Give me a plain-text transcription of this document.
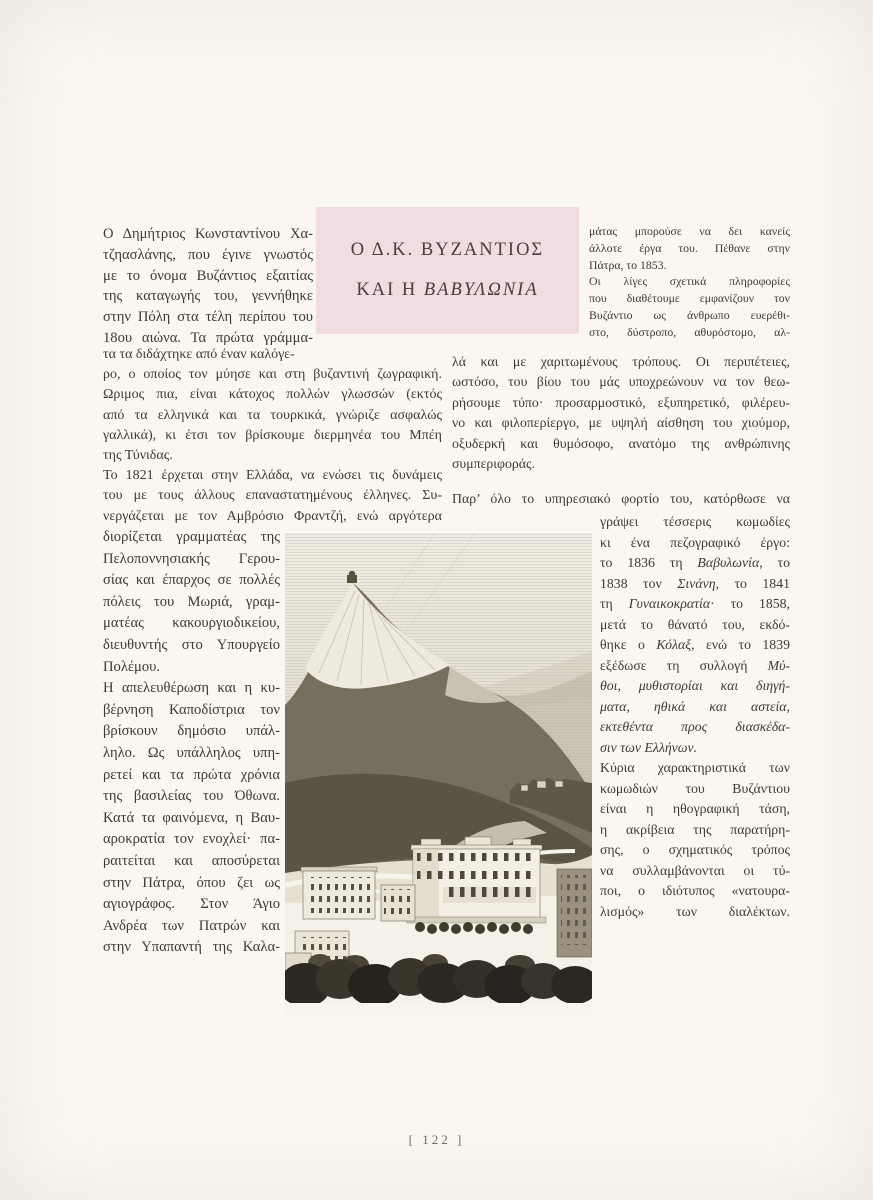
Ο Δ.Κ. ΒΥΖΑΝΤΙΟΣ
ΚΑΙ Η ΒΑΒΥΛΩΝΙΑ
Ο Δημήτριος Κωνσταντίνου Χα-
τζηασλάνης, που έγινε γνωστός
με το όνομα Βυζάντιος εξαιτίας
της καταγωγής του, γεννήθηκε
στην Πόλη στα τέλη περίπου του
18ου αιώνα. Τα πρώτα γράμμα-
τα τα διδάχτηκε από έναν καλόγε-
ρο, ο οποίος τον μύησε και στη βυζαντινή ζωγραφική.
Ωριμος πια, είναι κάτοχος πολλών γλωσσών (εκτός
από τα ελληνικά και τα τουρκικά, γνώριζε ασφαλώς
γαλλικά), κι έτσι τον βρίσκουμε διερμηνέα του Μπέη
της Τύνιδας.
Το 1821 έρχεται στην Ελλάδα, να ενώσει τις δυνάμεις
του με τους άλλους επαναστατημένους έλληνες. Συ-
νεργάζεται με τον Αμβρόσιο Φραντζή, ενώ αργότερα
διορίζεται γραμματέας της
Πελοποννησιακής Γερου-
σίας και έπαρχος σε πολλές
πόλεις του Μωριά, γραμ-
ματέας κακουργιοδικείου,
διευθυντής στο Υπουργείο
Πολέμου.
Η απελευθέρωση και η κυ-
βέρνηση Καποδίστρια τον
βρίσκουν δημόσιο υπάλ-
ληλο. Ως υπάλληλος υπη-
ρετεί και τα πρώτα χρόνια
της βασιλείας του Όθωνα.
Κατά τα φαινόμενα, η Βαυ-
αροκρατία τον ενοχλεί· πα-
ραιτείται και αποσύρεται
στην Πάτρα, όπου ζει ως
αγιογράφος. Στον Άγιο
Ανδρέα των Πατρών και
στην Υπαπαντή της Καλα-
μάτας μπορούσε να δει κανείς
άλλοτε έργα του. Πέθανε στην
Πάτρα, το 1853.
Οι λίγες σχετικά πληροφορίες
που διαθέτουμε εμφανίζουν τον
Βυζάντιο ως άνθρωπο ευερέθι-
στο, δύστροπο, αθυρόστομο, αλ-
λά και με χαριτωμένους τρόπους. Οι περιπέτειες,
ωστόσο, του βίου του μάς υποχρεώνουν να τον θεω-
ρήσουμε τύπο· προσαρμοστικό, εξυπηρετικό, φιλέρευ-
νο και φιλοπερίεργο, με υψηλή αίσθηση του χιούμορ,
οξυδερκή και θυμόσοφο, ανατόμο της ανθρώπινης
συμπεριφοράς.
Παρ’ όλο το υπηρεσιακό φορτίο του, κατόρθωσε να
γράψει τέσσερις κωμωδίες
κι ένα πεζογραφικό έργο:
το 1836 τη Βαβυλωνία, το
1838 τον Σινάνη, το 1841
τη Γυναικοκρατία· το 1858,
μετά το θάνατό του, εκδό-
θηκε ο Κόλαξ, ενώ το 1839
εξέδωσε τη συλλογή Μύ-
θοι, μυθιστορίαι και διηγή-
ματα, ηθικά και αστεία,
εκτεθέντα προς διασκέδα-
σιν των Ελλήνων.
Κύρια χαρακτηριστικά των
κωμωδιών του Βυζάντιου
είναι η ηθογραφική τάση,
η ακρίβεια της παρατήρη-
σης, ο σχηματικός τρόπος
να συλλαμβάνονται οι τύ-
ποι, ο ιδιότυπος «νατουρα-
λισμός» των διαλέκτων.
[ 122 ]
